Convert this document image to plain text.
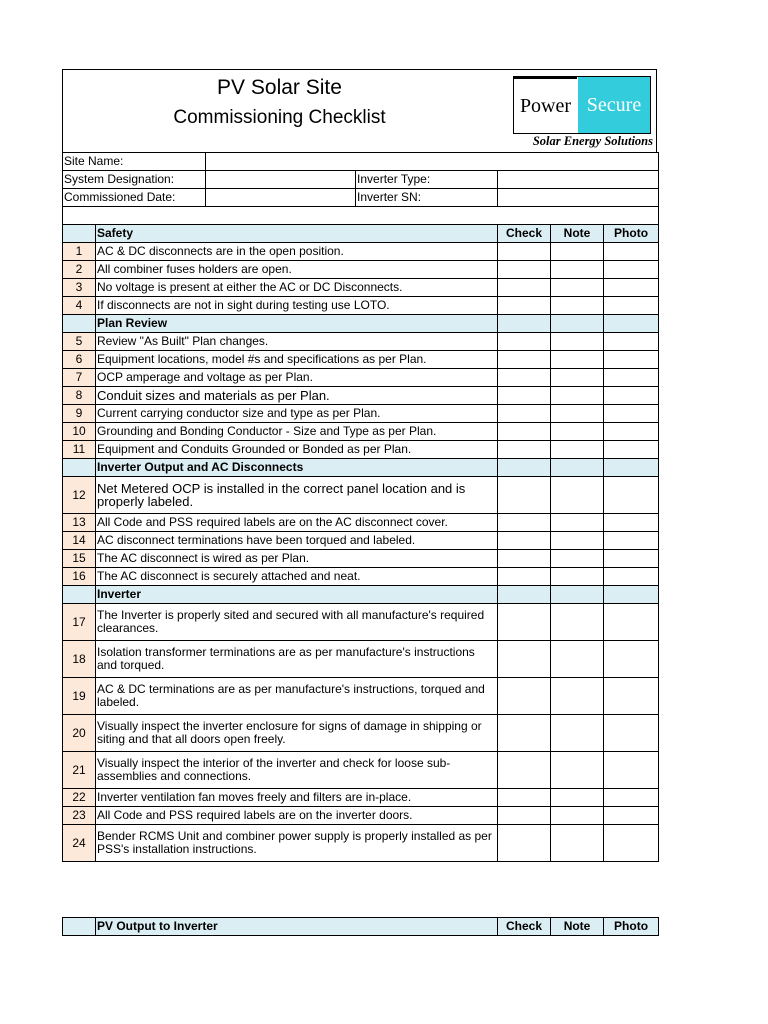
PV Solar Site
Commissioning Checklist
Power Secure
Solar Energy Solutions
Site Name:						
System Designation:			Inverter Type:			
Commissioned Date:			Inverter SN:			

	Safety			Check	Note	Photo
1	AC & DC disconnects are in the open position.					
2	All combiner fuses holders are open.					
3	No voltage is present at either the AC or DC Disconnects.					
4	If disconnects are not in sight during testing use LOTO.					
	Plan Review					
5	Review "As Built" Plan changes.					
6	Equipment locations, model #s and specifications as per Plan.					
7	OCP amperage and voltage as per Plan.					
8	Conduit sizes and materials as per Plan.					
9	Current carrying conductor size and type as per Plan.					
10	Grounding and Bonding Conductor - Size and Type as per Plan.					
11	Equipment and Conduits Grounded or Bonded as per Plan.					
	Inverter Output and AC Disconnects					
12	Net Metered OCP is installed in the correct panel location and is properly labeled.					
13	All Code and PSS required labels are on the AC disconnect cover.					
14	AC disconnect terminations have been torqued and labeled.					
15	The AC disconnect is wired as per Plan.					
16	The AC disconnect is securely attached and neat.					
	Inverter					
17	The Inverter is properly sited and secured with all manufacture's required clearances.					
18	Isolation transformer terminations are as per manufacture's instructions and torqued.					
19	AC & DC terminations are as per manufacture's instructions, torqued and labeled.					
20	Visually inspect the inverter enclosure for signs of damage in shipping or siting and that all doors open freely.					
21	Visually inspect the interior of the inverter and check for loose sub-assemblies and connections.					
22	Inverter ventilation fan moves freely and filters are in-place.					
23	All Code and PSS required labels are on the inverter doors.					
24	Bender RCMS Unit and combiner power supply is properly installed as per PSS's installation instructions.					
	PV Output to Inverter	Check	Note	Photo
